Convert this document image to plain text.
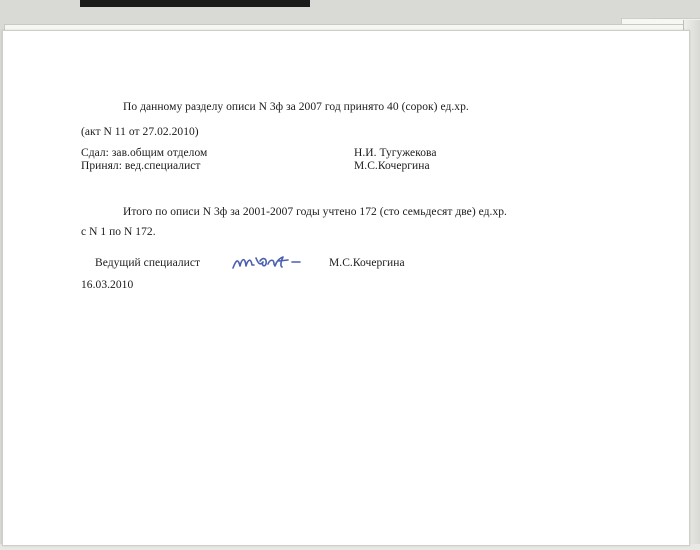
По данному разделу описи N 3ф за 2007 год принято 40 (сорок) ед.хр.
(акт N 11 от 27.02.2010)
Сдал: зав.общим отделом	Н.И. Тугужекова
Принял: вед.специалист	М.С.Кочергина
Итого по описи N 3ф за 2001-2007 годы учтено 172 (сто семьдесят две) ед.хр.
с N 1 по N 172.
Ведущий специалист	М.С.Кочергина
16.03.2010
